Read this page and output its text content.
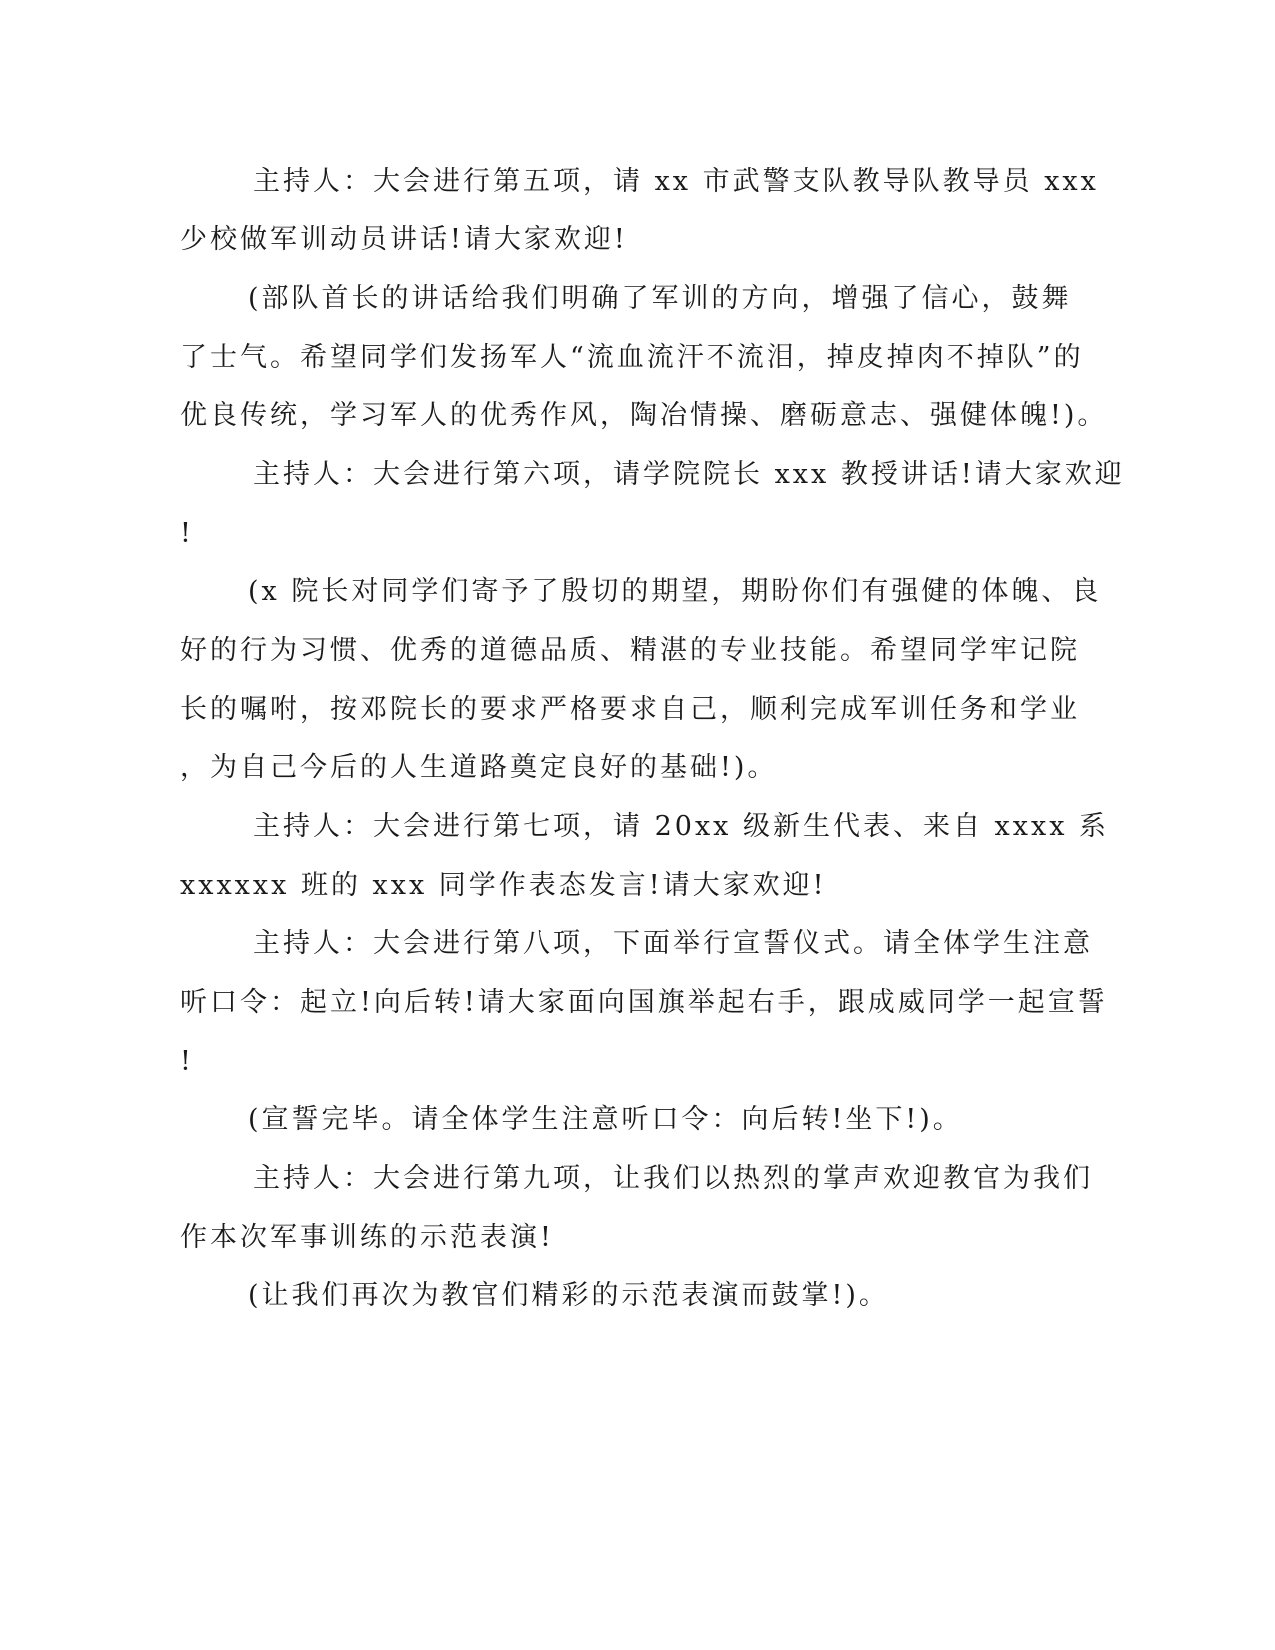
主持人：大会进行第五项，请 xx 市武警支队教导队教导员 xxx

少校做军训动员讲话!请大家欢迎!

(部队首长的讲话给我们明确了军训的方向，增强了信心，鼓舞

了士气。希望同学们发扬军人“流血流汗不流泪，掉皮掉肉不掉队”的

优良传统，学习军人的优秀作风，陶冶情操、磨砺意志、强健体魄!)。

主持人：大会进行第六项，请学院院长 xxx 教授讲话!请大家欢迎

!

(x 院长对同学们寄予了殷切的期望，期盼你们有强健的体魄、良

好的行为习惯、优秀的道德品质、精湛的专业技能。希望同学牢记院

长的嘱咐，按邓院长的要求严格要求自己，顺利完成军训任务和学业

，为自己今后的人生道路奠定良好的基础!)。

主持人：大会进行第七项，请 20xx 级新生代表、来自 xxxx 系

xxxxxx 班的 xxx 同学作表态发言!请大家欢迎!

主持人：大会进行第八项，下面举行宣誓仪式。请全体学生注意

听口令：起立!向后转!请大家面向国旗举起右手，跟成威同学一起宣誓

!

(宣誓完毕。请全体学生注意听口令：向后转!坐下!)。

主持人：大会进行第九项，让我们以热烈的掌声欢迎教官为我们

作本次军事训练的示范表演!

(让我们再次为教官们精彩的示范表演而鼓掌!)。
